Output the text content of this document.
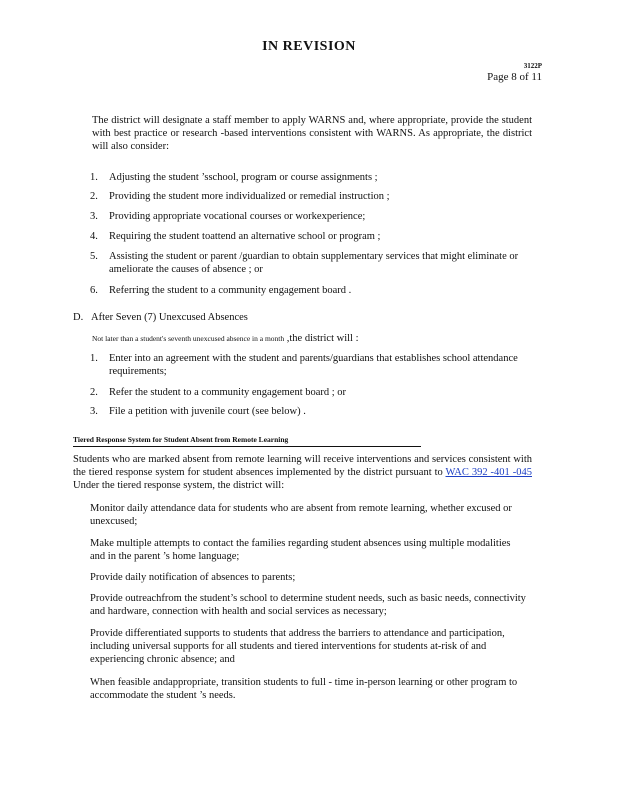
IN REVISION
3122P
Page 8 of 11
The district will designate a staff member to apply WARNS and, where appropriate, provide the student with best practice or research -based interventions consistent with WARNS. As appropriate, the district will also consider:
1.	Adjusting the student ’sschool, program or course assignments ;
2.	Providing the student more individualized or remedial instruction ;
3.	Providing appropriate vocational courses or workexperience;
4.	Requiring the student toattend an alternative school or program ;
5.	Assisting the student or parent /guardian to obtain supplementary services that might eliminate or ameliorate the causes of absence ; or
6.	Referring the student to a community engagement board .
D. After Seven (7) Unexcused Absences
Not later than a student's seventh unexcused absence in a month ,the district will :
1.	Enter into an agreement with the student and parents/guardians that establishes school attendance requirements;
2.	Refer the student to a community engagement board ; or
3.	File a petition with juvenile court (see below) .
Tiered Response System for Student Absent from Remote Learning
Students who are marked absent from remote learning will receive interventions and services consistent with the tiered response system for student absences implemented by the district pursuant to WAC 392 -401 -045 Under the tiered response system, the district will:
Monitor daily attendance data for students who are absent from remote learning, whether excused or unexcused;
Make multiple attempts to contact the families regarding student absences using multiple modalities and in the parent ’s home language;
Provide daily notification of absences to parents;
Provide outreachfrom the student’s school to determine student needs, such as basic needs, connectivity and hardware, connection with health and social services as necessary;
Provide differentiated supports to students that address the barriers to attendance and participation, including universal supports for all students and tiered interventions for students at-risk of and experiencing chronic absence; and
When feasible andappropriate, transition students to full - time in-person learning or other program to accommodate the student ’s needs.
